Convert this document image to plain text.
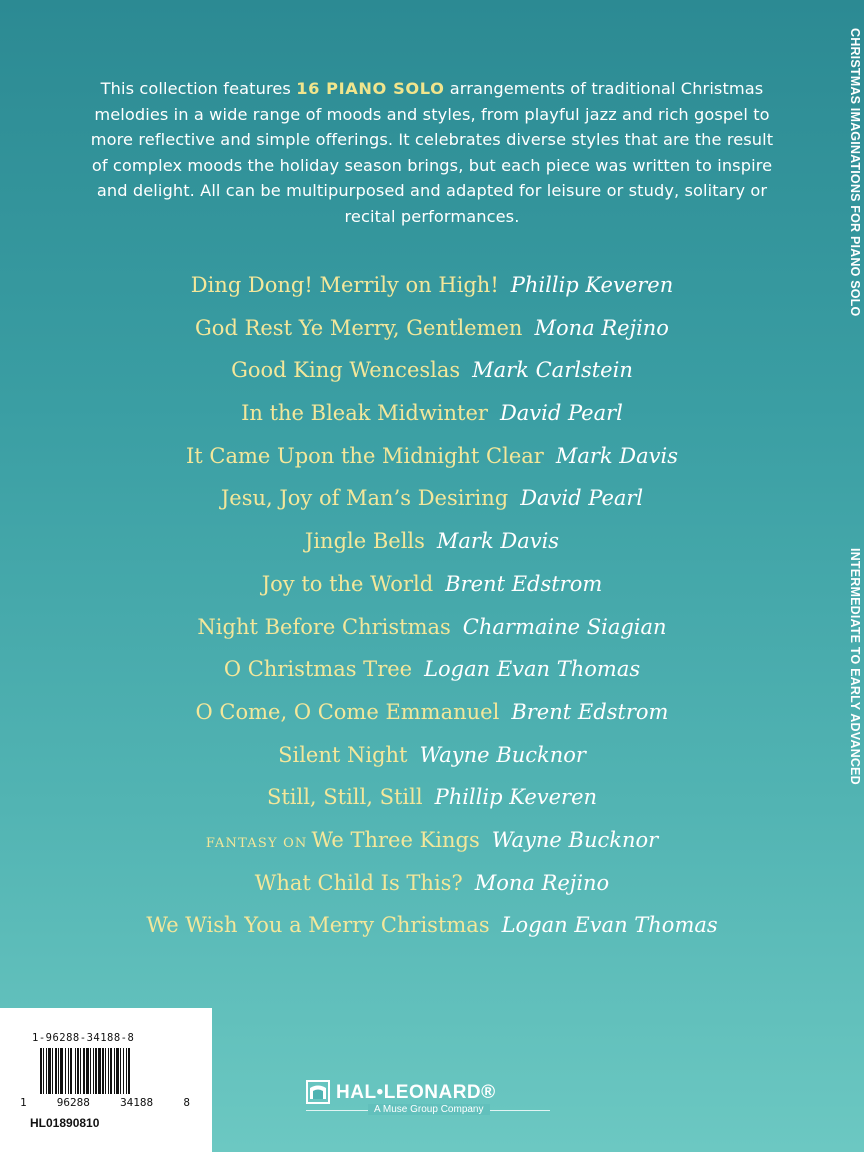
This collection features 16 PIANO SOLO arrangements of traditional Christmas melodies in a wide range of moods and styles, from playful jazz and rich gospel to more reflective and simple offerings. It celebrates diverse styles that are the result of complex moods the holiday season brings, but each piece was written to inspire and delight. All can be multipurposed and adapted for leisure or study, solitary or recital performances.
Ding Dong! Merrily on High! Phillip Keveren
God Rest Ye Merry, Gentlemen Mona Rejino
Good King Wenceslas Mark Carlstein
In the Bleak Midwinter David Pearl
It Came Upon the Midnight Clear Mark Davis
Jesu, Joy of Man’s Desiring David Pearl
Jingle Bells Mark Davis
Joy to the World Brent Edstrom
Night Before Christmas Charmaine Siagian
O Christmas Tree Logan Evan Thomas
O Come, O Come Emmanuel Brent Edstrom
Silent Night Wayne Bucknor
Still, Still, Still Phillip Keveren
FANTASY ON We Three Kings Wayne Bucknor
What Child Is This? Mona Rejino
We Wish You a Merry Christmas Logan Evan Thomas
CHRISTMAS IMAGINATIONS FOR PIANO SOLO
INTERMEDIATE TO EARLY ADVANCED
1-96288-34188-8
1	96288	34188	8
HL01890810
HAL•LEONARD®
A Muse Group Company
